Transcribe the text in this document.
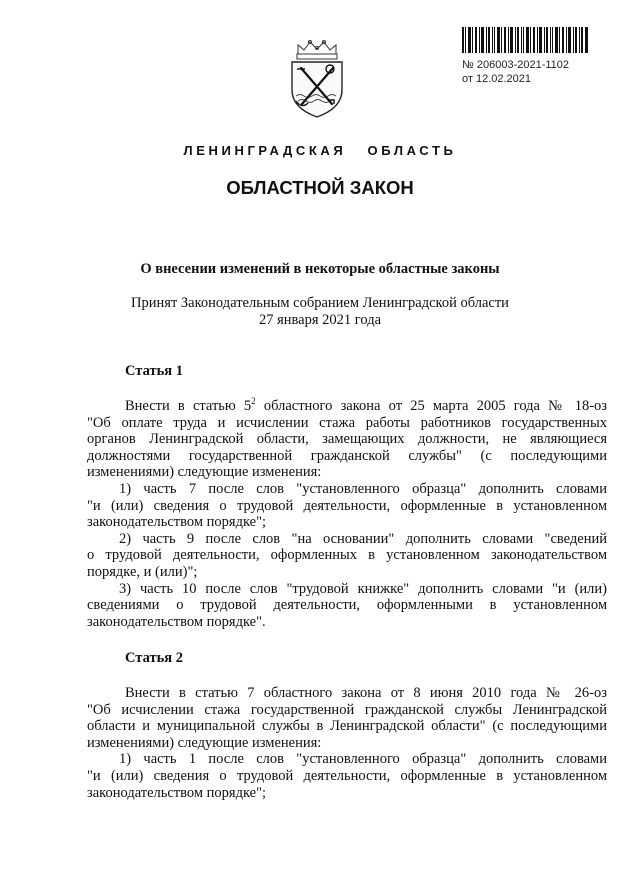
№ 206003-2021-1102
от 12.02.2021
ЛЕНИНГРАДСКАЯ ОБЛАСТЬ
ОБЛАСТНОЙ ЗАКОН
О внесении изменений в некоторые областные законы
Принят Законодательным собранием Ленинградской области
27 января 2021 года
Статья 1
Внести в статью $5^2$ областного закона от 25 марта 2005 года № 18-оз
"Об оплате труда и исчислении стажа работы работников государственных
органов Ленинградской области, замещающих должности, не являющиеся
должностями государственной гражданской службы" (с последующими
изменениями) следующие изменения:
1) часть 7 после слов "установленного образца" дополнить словами
"и (или) сведения о трудовой деятельности, оформленные в установленном
законодательством порядке";
2) часть 9 после слов "на основании" дополнить словами "сведений
о трудовой деятельности, оформленных в установленном законодательством
порядке, и (или)";
3) часть 10 после слов "трудовой книжке" дополнить словами "и (или)
сведениями о трудовой деятельности, оформленными в установленном
законодательством порядке".
Статья 2
Внести в статью 7 областного закона от 8 июня 2010 года № 26-оз
"Об исчислении стажа государственной гражданской службы Ленинградской
области и муниципальной службы в Ленинградской области" (с последующими
изменениями) следующие изменения:
1) часть 1 после слов "установленного образца" дополнить словами
"и (или) сведения о трудовой деятельности, оформленные в установленном
законодательством порядке";
